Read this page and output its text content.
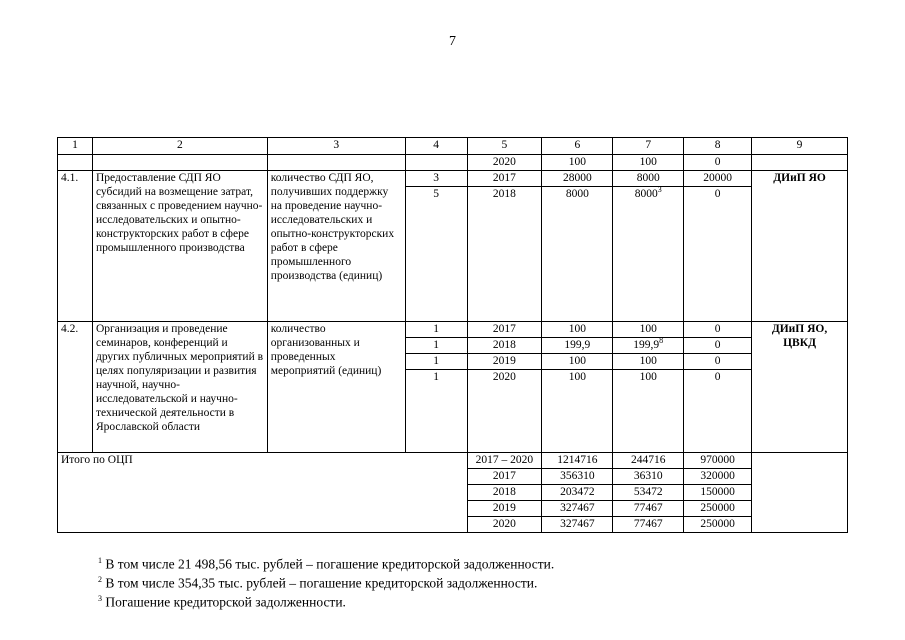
7
1	2	3	4	5	6	7	8	9
				2020	100	100	0	
4.1.	Предоставление СДП ЯО субсидий на возмещение затрат, связанных с проведением научно-исследовательских и опытно-конструкторских работ в сфере промышленного производства	количество СДП ЯО, получивших поддержку на проведение научно-исследовательских и опытно-конструкторских работ в сфере промышленного производства (единиц)	3	2017	28000	8000	20000	ДИиП ЯО
			5	2018	8000	8000$^3$	0	
4.2.	Организация и проведение семинаров, конференций и других публичных мероприятий в целях популяризации и развития научной, научно-исследовательской и научно-технической деятельности в Ярославской области	количество организованных и проведенных мероприятий (единиц)	1	2017	100	100	0	ДИиП ЯО, ЦВКД
			1	2018	199,9	199,9$^8$	0	
			1	2019	100	100	0	
			1	2020	100	100	0	
Итого по ОЦП				2017 – 2020	1214716	244716	970000	
				2017	356310	36310	320000	
				2018	203472	53472	150000	
				2019	327467	77467	250000	
				2020	327467	77467	250000	
$^1$ В том числе 21 498,56 тыс. рублей – погашение кредиторской задолженности.
$^2$ В том числе 354,35 тыс. рублей – погашение кредиторской задолженности.
$^3$ Погашение кредиторской задолженности.
